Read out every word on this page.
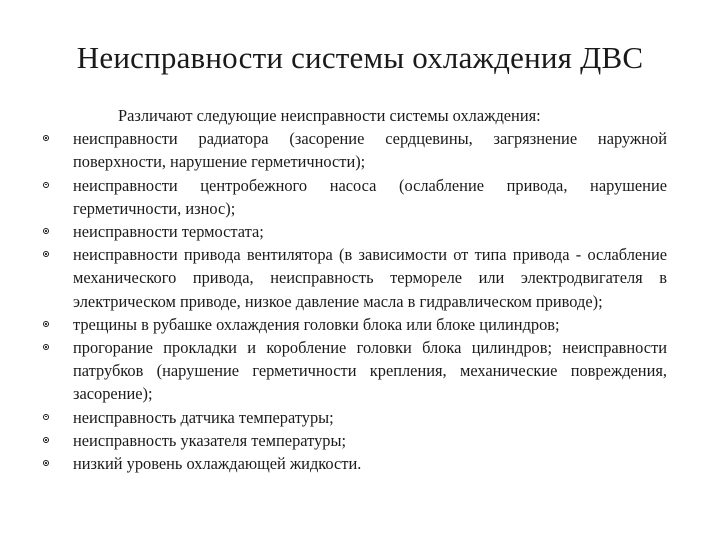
Неисправности системы охлаждения ДВС

Различают следующие неисправности системы охлаждения:

неисправности радиатора (засорение сердцевины, загрязнение наружной поверхности, нарушение герметичности);
неисправности центробежного насоса (ослабление привода, нарушение герметичности, износ);
неисправности термостата;
неисправности привода вентилятора (в зависимости от типа привода - ослабление механического привода, неисправность термореле или электродвигателя в электрическом приводе, низкое давление масла в гидравлическом приводе);
трещины в рубашке охлаждения головки блока или блоке цилиндров;
прогорание прокладки и коробление головки блока цилиндров; неисправности патрубков (нарушение герметичности крепления, механические повреждения, засорение);
неисправность датчика температуры;
неисправность указателя температуры;
низкий уровень охлаждающей жидкости.
